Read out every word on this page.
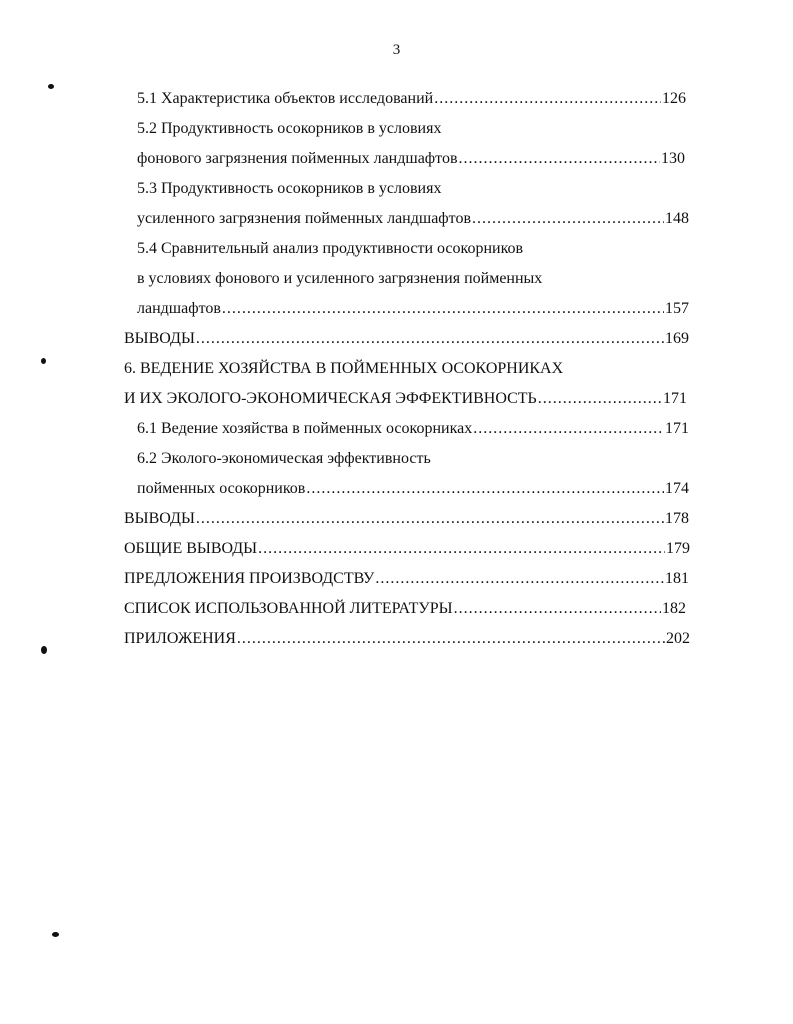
3
5.1 Характеристика объектов исследований .....	126
5.2 Продуктивность осокорников в условиях
фонового загрязнения пойменных ландшафтов .....	130
5.3 Продуктивность осокорников в условиях
усиленного загрязнения пойменных ландшафтов .....	148
5.4 Сравнительный анализ продуктивности осокорников
в условиях фонового и усиленного загрязнения пойменных
ландшафтов .....	157
ВЫВОДЫ .....	169
6. ВЕДЕНИЕ ХОЗЯЙСТВА В ПОЙМЕННЫХ ОСОКОРНИКАХ
И ИХ ЭКОЛОГО-ЭКОНОМИЧЕСКАЯ ЭФФЕКТИВНОСТЬ .....	171
6.1 Ведение хозяйства в пойменных осокорниках .....	171
6.2 Эколого-экономическая эффективность
пойменных осокорников .....	174
ВЫВОДЫ .....	178
ОБЩИЕ ВЫВОДЫ .....	179
ПРЕДЛОЖЕНИЯ ПРОИЗВОДСТВУ .....	181
СПИСОК ИСПОЛЬЗОВАННОЙ ЛИТЕРАТУРЫ .....	182
ПРИЛОЖЕНИЯ .....	202
